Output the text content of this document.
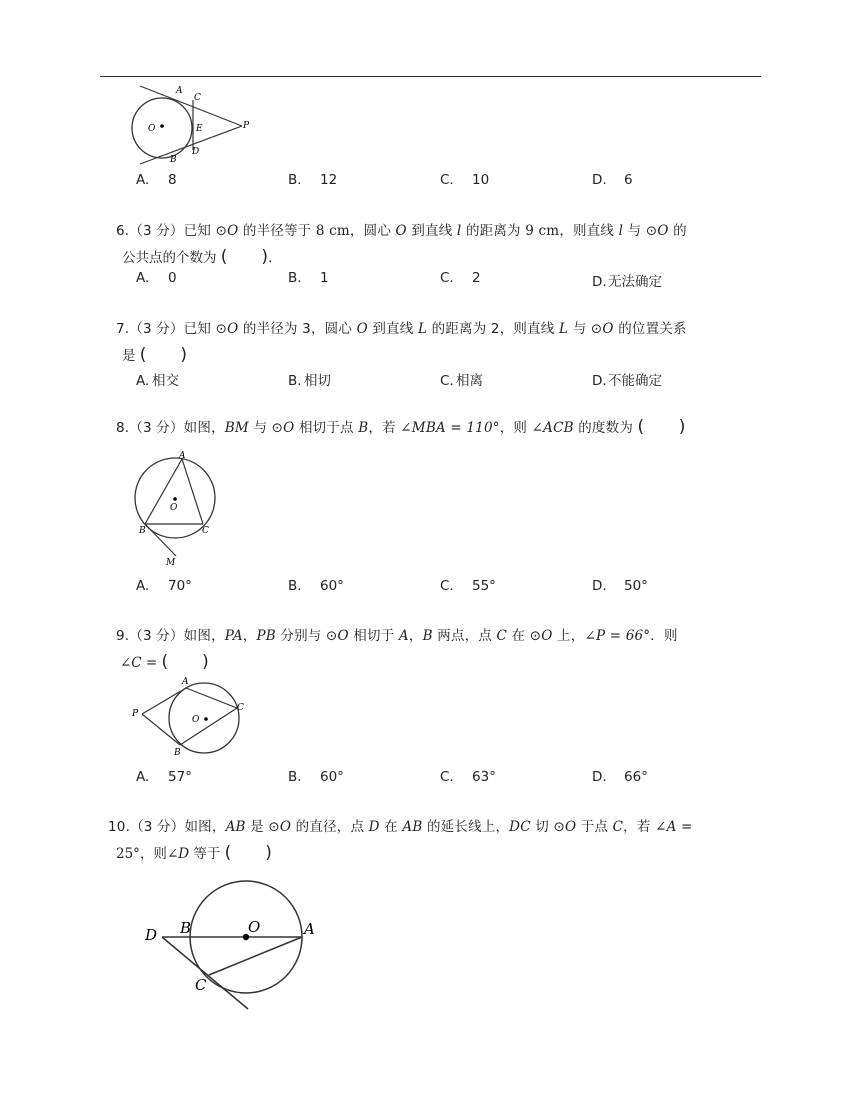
O
A
B
C
E
D
P
A. 8	B. 12	C. 10	D. 6
6.（3 分）已知 ⊙O 的半径等于 8 cm，圆心 O 到直线 l 的距离为 9 cm，则直线 l 与 ⊙O 的
公共点的个数为 (　　).
A. 0	B. 1	C. 2	D.无法确定
7.（3 分）已知 ⊙O 的半径为 3，圆心 O 到直线 L 的距离为 2，则直线 L 与 ⊙O 的位置关系
是 (　　)
A. 相交	B. 相切	C. 相离	D.不能确定
8.（3 分）如图，BM 与 ⊙O 相切于点 B，若 ∠MBA = 110°，则 ∠ACB 的度数为 (　　)
O
A
B	C
M
A. 70°	B. 60°	C. 55°	D. 50°
9.（3 分）如图，PA，PB 分别与 ⊙O 相切于 A，B 两点，点 C 在 ⊙O 上，∠P = 66°．则
∠C = (　　)
O
A
B
C
P
A. 57°	B. 60°	C. 63°	D. 66°
10.（3 分）如图，AB 是 ⊙O 的直径，点 D 在 AB 的延长线上，DC 切 ⊙O 于点 C，若 ∠A =
25°，则∠D 等于 (　　)
O
B	A
D
C
